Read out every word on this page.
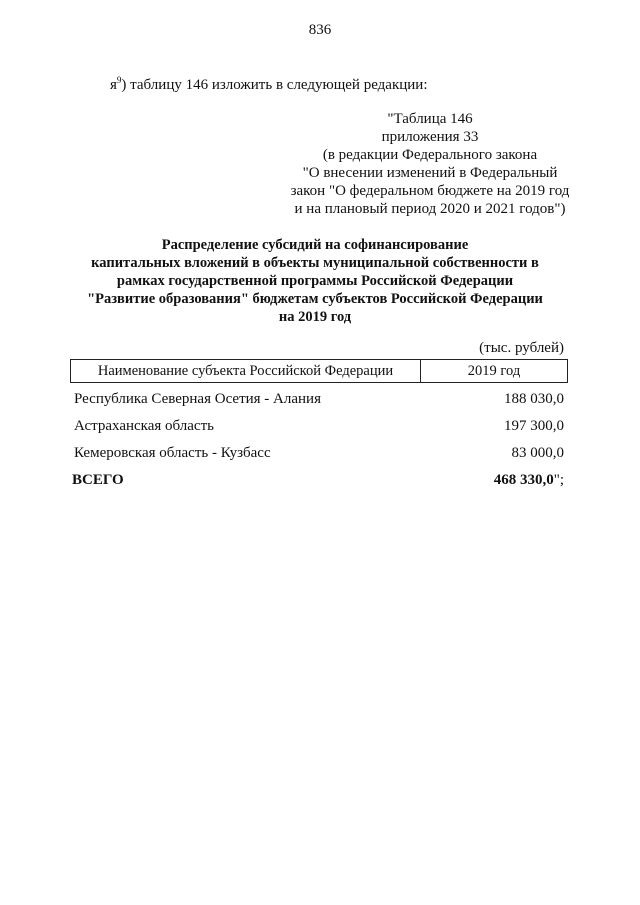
836
$я^9$) таблицу 146 изложить в следующей редакции:
"Таблица 146
приложения 33
(в редакции Федерального закона
"О внесении изменений в Федеральный
закон "О федеральном бюджете на 2019 год
и на плановый период 2020 и 2021 годов")
Распределение субсидий на софинансирование
капитальных вложений в объекты муниципальной собственности в
рамках государственной программы Российской Федерации
"Развитие образования" бюджетам субъектов Российской Федерации
на 2019 год
(тыс. рублей)
Наименование субъекта Российской Федерации	2019 год
Республика Северная Осетия - Алания	188 030,0
Астраханская область	197 300,0
Кемеровская область - Кузбасс	83 000,0
ВСЕГО	468 330,0";
